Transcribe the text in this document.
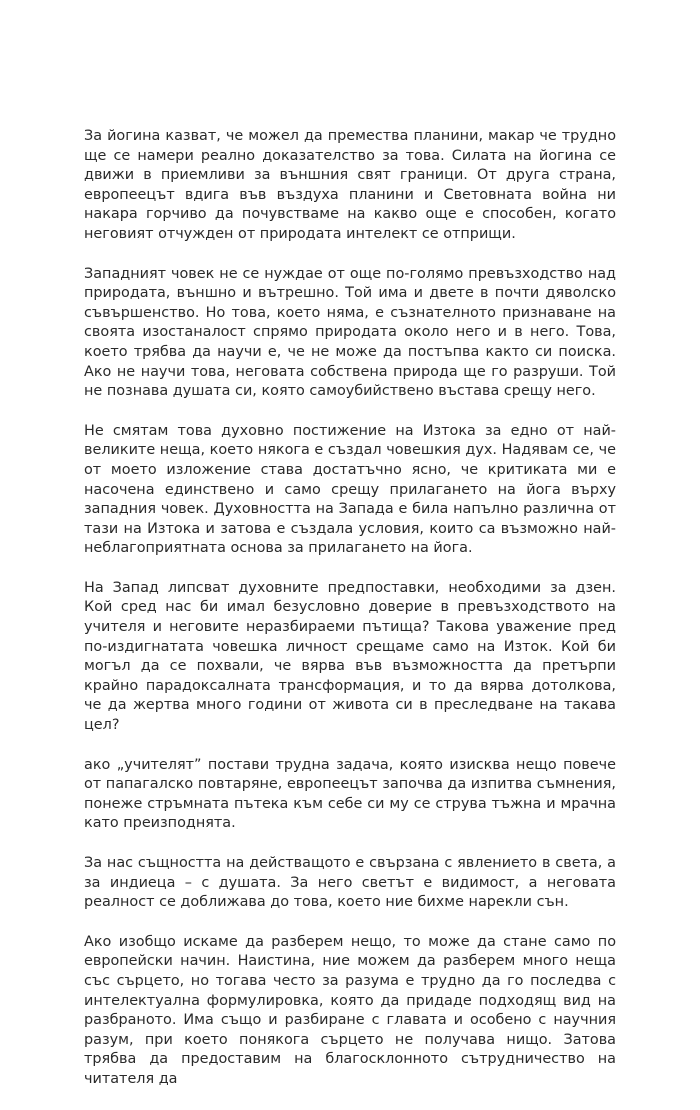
За йогина казват, че можел да премества планини, макар че трудно ще се намери реално доказателство за това. Силата на йогина се движи в приемливи за външния свят граници. От друга страна, европеецът вдига във въздуха планини и Световната война ни накара горчиво да почувстваме на какво още е способен, когато неговият отчужден от природата интелект се отприщи.

Западният човек не се нуждае от още по-голямо превъзходство над природата, външно и вътрешно. Той има и двете в почти дяволско съвършенство. Но това, което няма, е съзнателното признаване на своята изостаналост спрямо природата около него и в него. Това, което трябва да научи е, че не може да постъпва както си поиска. Ако не научи това, неговата собствена природа ще го разруши. Той не познава душата си, която самоубийствено въстава срещу него.

Не смятам това духовно постижение на Изтока за едно от най-великите неща, което някога е създал човешкия дух. Надявам се, че от моето изложение става достатъчно ясно, че критиката ми е насочена единствено и само срещу прилагането на йога върху западния човек. Духовността на Запада е била напълно различна от тази на Изтока и затова е създала условия, които са възможно най-неблагоприятната основа за прилагането на йога.

На Запад липсват духовните предпоставки, необходими за дзен. Кой сред нас би имал безусловно доверие в превъзходството на учителя и неговите неразбираеми пътища? Такова уважение пред по-издигнатата човешка личност срещаме само на Изток. Кой би могъл да се похвали, че вярва във възможността да претърпи крайно парадоксалната трансформация, и то да вярва дотолкова, че да жертва много години от живота си в преследване на такава цел?

ако „учителят” постави трудна задача, която изисква нещо повече от папагалско повтаряне, европеецът започва да изпитва съмнения, понеже стръмната пътека към себе си му се струва тъжна и мрачна като преизподнята.

За нас същността на действащото е свързана с явлението в света, а за индиеца – с душата. За него светът е видимост, а неговата реалност се доближава до това, което ние бихме нарекли сън.

Ако изобщо искаме да разберем нещо, то може да стане само по европейски начин. Наистина, ние можем да разберем много неща със сърцето, но тогава често за разума е трудно да го последва с интелектуална формулировка, която да придаде подходящ вид на разбраното. Има също и разбиране с главата и особено с научния разум, при което понякога сърцето не получава нищо. Затова трябва да предоставим на благосклонното сътрудничество на читателя да
